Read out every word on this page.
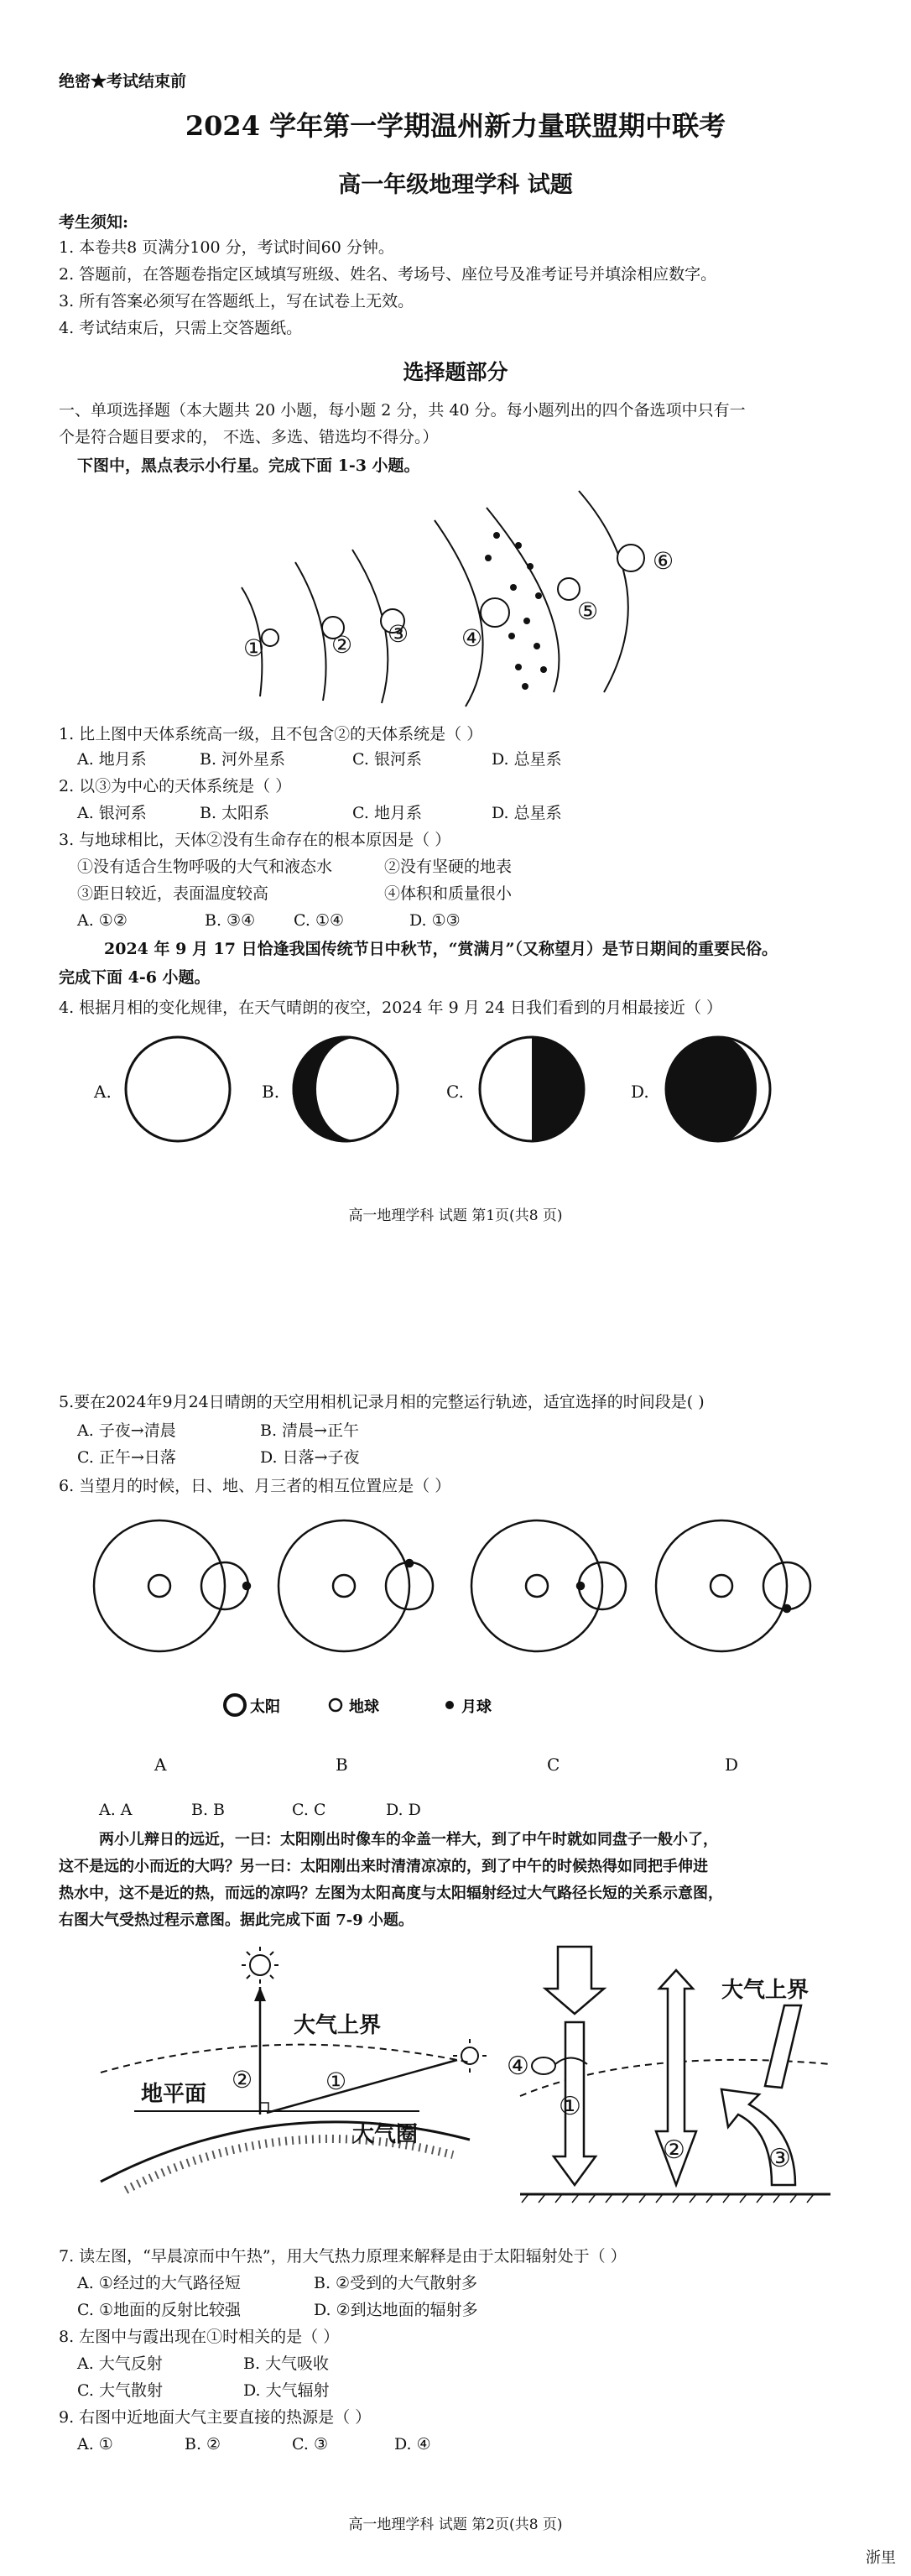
绝密★考试结束前
2024 学年第一学期温州新力量联盟期中联考
高一年级地理学科 试题
考生须知:
1. 本卷共8 页满分100 分，考试时间60 分钟。
2. 答题前，在答题卷指定区域填写班级、姓名、考场号、座位号及准考证号并填涂相应数字。
3. 所有答案必须写在答题纸上，写在试卷上无效。
4. 考试结束后，只需上交答题纸。
选择题部分
一、单项选择题（本大题共 20 小题，每小题 2 分，共 40 分。每小题列出的四个备选项中只有一
个是符合题目要求的， 不选、多选、错选均不得分。）
下图中，黑点表示小行星。完成下面 1-3 小题。
①	② ③ ④
⑤
⑥
1. 比上图中天体系统高一级，且不包含②的天体系统是（ ）
A. 地月系	B. 河外星系	C. 银河系	D. 总星系
2. 以③为中心的天体系统是（ ）
A. 银河系	B. 太阳系	C. 地月系	D. 总星系
3. 与地球相比，天体②没有生命存在的根本原因是（ ）
①没有适合生物呼吸的大气和液态水	②没有坚硬的地表
③距日较近，表面温度较高	④体积和质量很小
A. ①②	B. ③④ C. ①④	D. ①③
2024 年 9 月 17 日恰逢我国传统节日中秋节，“赏满月”（又称望月）是节日期间的重要民俗。
完成下面 4-6 小题。
4. 根据月相的变化规律，在天气晴朗的夜空，2024 年 9 月 24 日我们看到的月相最接近（ ）
A.	B.	C.	D.
高一地理学科 试题 第1页(共8 页)
5.要在2024年9月24日晴朗的天空用相机记录月相的完整运行轨迹，适宜选择的时间段是( )
A. 子夜→清晨	B. 清晨→正午
C. 正午→日落	D. 日落→子夜
6. 当望月的时候，日、地、月三者的相互位置应是（ ）
太阳	地球	月球
A	B	C	D
A. A	B. B	C. C	D. D
两小儿辩日的远近，一曰：太阳刚出时像车的伞盖一样大，到了中午时就如同盘子一般小了，
这不是远的小而近的大吗？另一曰：太阳刚出来时清清凉凉的，到了中午的时候热得如同把手伸进
热水中，这不是近的热，而远的凉吗？左图为太阳高度与太阳辐射经过大气路径长短的关系示意图，
右图大气受热过程示意图。据此完成下面 7-9 小题。
大气上界
地平面
大气圈
②	①
大气上界
④
①
②	③
7. 读左图，“早晨凉而中午热”，用大气热力原理来解释是由于太阳辐射处于（ ）
A. ①经过的大气路径短	B. ②受到的大气散射多
C. ①地面的反射比较强	D. ②到达地面的辐射多
8. 左图中与霞出现在①时相关的是（ ）
A. 大气反射	B. 大气吸收
C. 大气散射	D. 大气辐射
9. 右图中近地面大气主要直接的热源是（ ）
A. ①	B. ②	C. ③	D. ④
高一地理学科 试题 第2页(共8 页)
浙里
